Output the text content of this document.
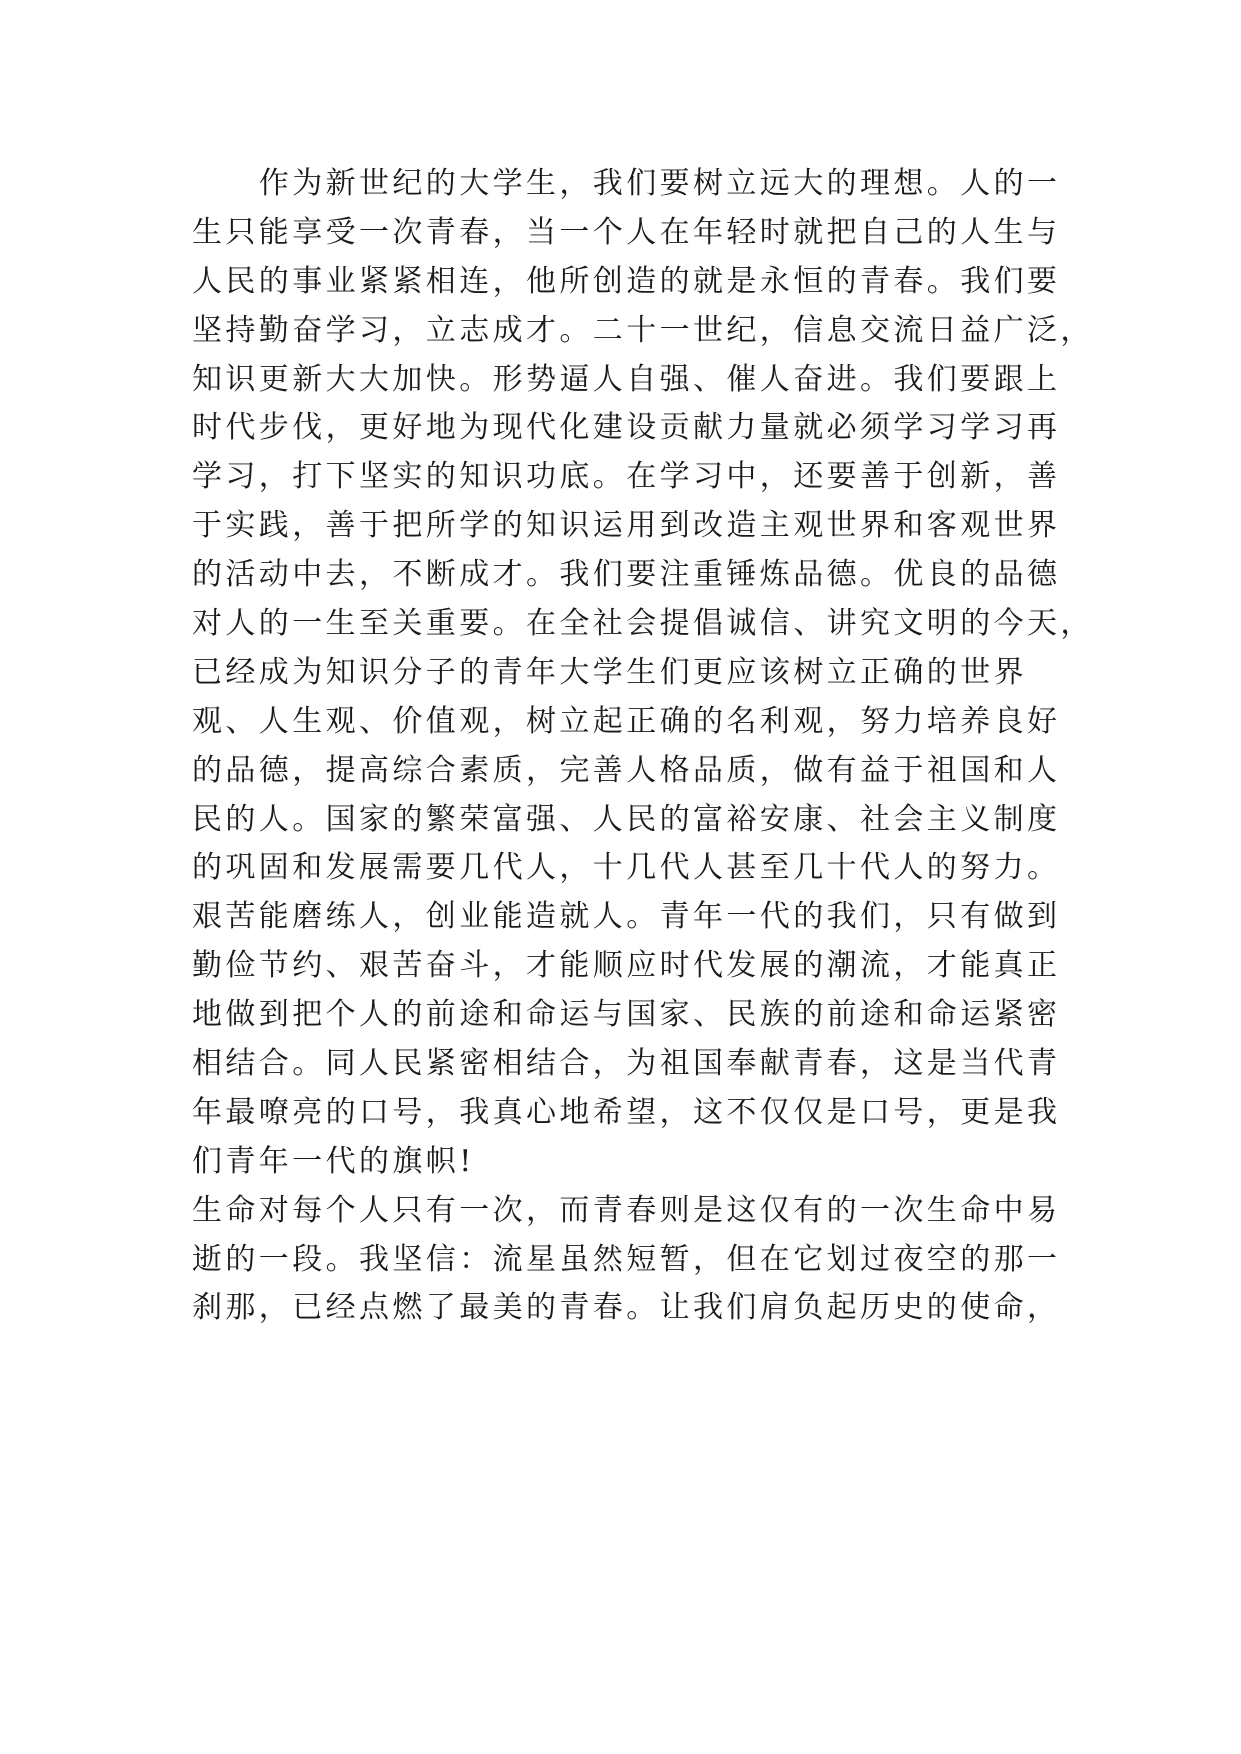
　　作为新世纪的大学生，我们要树立远大的理想。人的一
生只能享受一次青春，当一个人在年轻时就把自己的人生与
人民的事业紧紧相连，他所创造的就是永恒的青春。我们要
坚持勤奋学习，立志成才。二十一世纪，信息交流日益广泛，
知识更新大大加快。形势逼人自强、催人奋进。我们要跟上
时代步伐，更好地为现代化建设贡献力量就必须学习学习再
学习，打下坚实的知识功底。在学习中，还要善于创新，善
于实践，善于把所学的知识运用到改造主观世界和客观世界
的活动中去，不断成才。我们要注重锤炼品德。优良的品德
对人的一生至关重要。在全社会提倡诚信、讲究文明的今天，
已经成为知识分子的青年大学生们更应该树立正确的世界
观、人生观、价值观，树立起正确的名利观，努力培养良好
的品德，提高综合素质，完善人格品质，做有益于祖国和人
民的人。国家的繁荣富强、人民的富裕安康、社会主义制度
的巩固和发展需要几代人，十几代人甚至几十代人的努力。
艰苦能磨练人，创业能造就人。青年一代的我们，只有做到
勤俭节约、艰苦奋斗，才能顺应时代发展的潮流，才能真正
地做到把个人的前途和命运与国家、民族的前途和命运紧密
相结合。同人民紧密相结合，为祖国奉献青春，这是当代青
年最嘹亮的口号，我真心地希望，这不仅仅是口号，更是我
们青年一代的旗帜!
生命对每个人只有一次，而青春则是这仅有的一次生命中易
逝的一段。我坚信：流星虽然短暂，但在它划过夜空的那一
刹那，已经点燃了最美的青春。让我们肩负起历史的使命，
